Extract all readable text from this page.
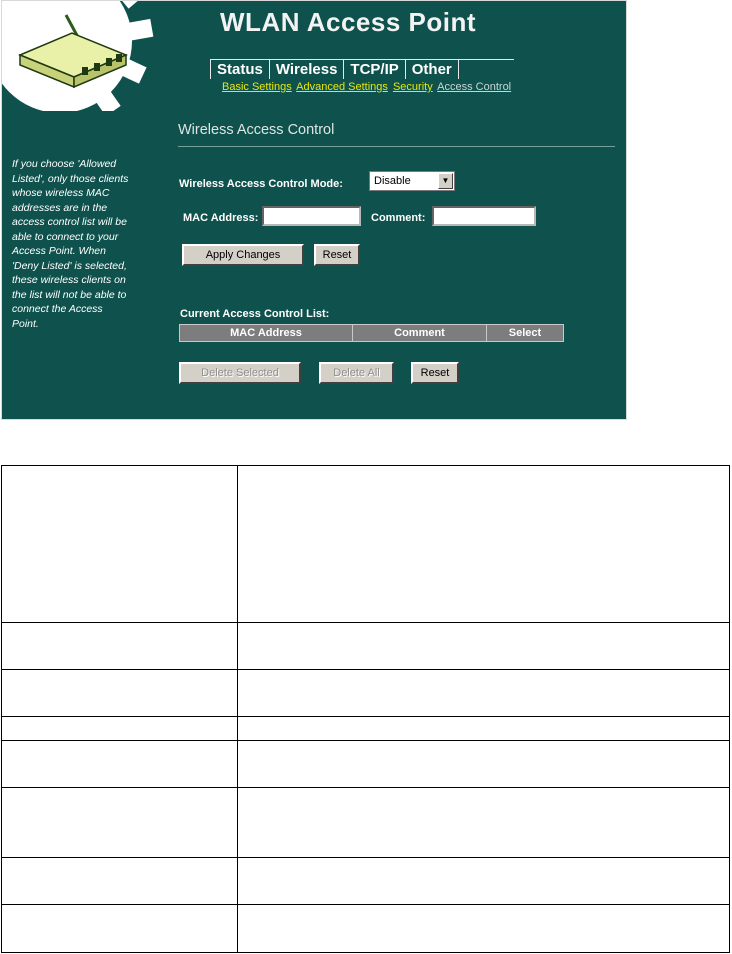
WLAN Access Point
Status Wireless TCP/IP Other
Basic Settings Advanced Settings Security Access Control
If you choose 'Allowed Listed', only those clients whose wireless MAC addresses are in the access control list will be able to connect to your Access Point. When 'Deny Listed' is selected, these wireless clients on the list will not be able to connect the Access Point.
Wireless Access Control
Wireless Access Control Mode:	Disable	▼
MAC Address:	Comment:
Apply Changes	Reset
Current Access Control List:
MAC Address	Comment	Select
Delete Selected	Delete All	Reset
